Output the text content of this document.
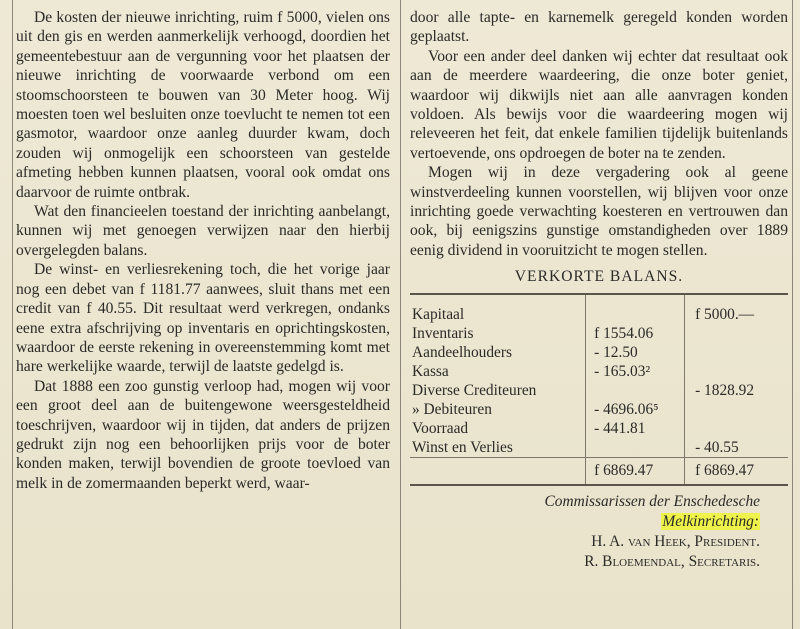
De kosten der nieuwe inrichting, ruim f 5000, vielen ons uit den gis en werden aanmerkelijk verhoogd, doordien het gemeentebestuur aan de vergunning voor het plaatsen der nieuwe inrichting de voorwaarde verbond om een stoomschoorsteen te bouwen van 30 Meter hoog. Wij moesten toen wel besluiten onze toevlucht te nemen tot een gasmotor, waardoor onze aanleg duurder kwam, doch zouden wij onmogelijk een schoorsteen van gestelde afmeting hebben kunnen plaatsen, vooral ook omdat ons daarvoor de ruimte ontbrak.

Wat den financieelen toestand der inrichting aanbelangt, kunnen wij met genoegen verwijzen naar den hierbij overgelegden balans.

De winst- en verliesrekening toch, die het vorige jaar nog een debet van f 1181.77 aanwees, sluit thans met een credit van f 40.55. Dit resultaat werd verkregen, ondanks eene extra afschrijving op inventaris en oprichtingskosten, waardoor de eerste rekening in overeenstemming komt met hare werkelijke waarde, terwijl de laatste gedelgd is.

Dat 1888 een zoo gunstig verloop had, mogen wij voor een groot deel aan de buitengewone weersgesteldheid toeschrijven, waardoor wij in tijden, dat anders de prijzen gedrukt zijn nog een behoorlijken prijs voor de boter konden maken, terwijl bovendien de groote toevloed van melk in de zomermaanden beperkt werd, waar-

door alle tapte- en karnemelk geregeld konden worden geplaatst.

Voor een ander deel danken wij echter dat resultaat ook aan de meerdere waardeering, die onze boter geniet, waardoor wij dikwijls niet aan alle aanvragen konden voldoen. Als bewijs voor die waardeering mogen wij releveeren het feit, dat enkele familien tijdelijk buitenlands vertoevende, ons opdroegen de boter na te zenden.

Mogen wij in deze vergadering ook al geene winstverdeeling kunnen voorstellen, wij blijven voor onze inrichting goede verwachting koesteren en vertrouwen dan ook, bij eenigszins gunstige omstandigheden over 1889 eenig dividend in vooruitzicht te mogen stellen.

VERKORTE BALANS.
Kapitaal		f 5000.—
Inventaris	f 1554.06	
Aandeelhouders	- 12.50	
Kassa	- 165.03²	
Diverse Crediteuren		- 1828.92
» Debiteuren	- 4696.06⁵	
Voorraad	- 441.81	
Winst en Verlies		- 40.55
	f 6869.47	f 6869.47
Commissarissen der Enschedesche
Melkinrichting:
H. A. van Heek, President.
R. Bloemendal, Secretaris.
